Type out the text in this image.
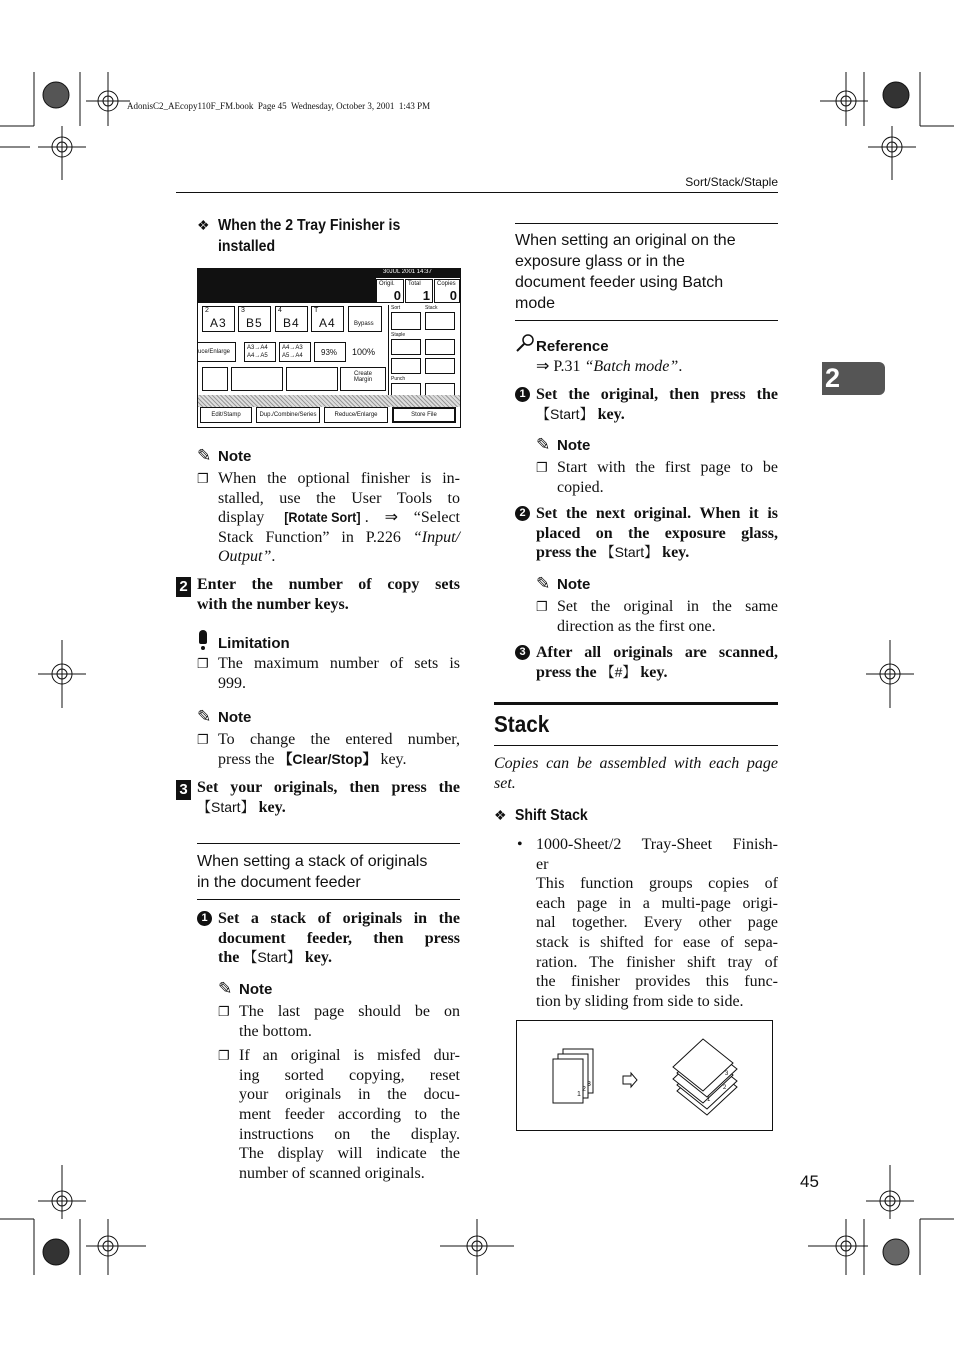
AdonisC2_AEcopy110F_FM.book  Page 45  Wednesday, October 3, 2001  1:43 PM
Sort/Stack/Staple
2
❖ When the 2 Tray Finisher is
installed
30JUL 2001 14:37
Origil.
0
Total
1
Copies
0
2
A3
3
B5
4
B4
T
A4	Bypass
uce/Enlarge
A3→A4
A4→A5
A4→A3
A5→A4 93% 100%
Create
Margin
Sort	Stack
Staple
Punch
Edit/Stamp	Dup./Combine/Series	Reduce/Enlarge	Store File
✎ Note
❐ When the optional finisher is in-
stalled, use the User Tools to
display [Rotate Sort] . ⇒ “Select
Stack Function” in P.226 “Input/
Output”.
2 Enter the number of copy sets
with the number keys.
Limitation
❐ The maximum number of sets is
999.
✎ Note
❐ To change the entered number,
press the 【Clear/Stop】 key.
3 Set your originals, then press the
【Start】 key.
When setting a stack of originals
in the document feeder
1 Set a stack of originals in the
document feeder, then press
the 【Start】 key.
✎ Note
❐ The last page should be on
the bottom.
❐ If an original is misfed dur-
ing sorted copying, reset
your originals in the docu-
ment feeder according to the
instructions on the display.
The display will indicate the
number of scanned originals.
When setting an original on the
exposure glass or in the
document feeder using Batch
mode
Reference
⇒ P.31 “Batch mode”.
1 Set the original, then press the
【Start】 key.
✎ Note
❐ Start with the first page to be
copied.
2 Set the next original. When it is
placed on the exposure glass,
press the 【Start】 key.
✎ Note
❐ Set the original in the same
direction as the first one.
3 After all originals are scanned,
press the 【#】 key.
Stack
Copies can be assembled with each page
set.
❖ Shift Stack
• 1000-Sheet/2 Tray-Sheet Finish-
er
This function groups copies of
each page in a multi-page origi-
nal together. Every other page
stack is shifted for ease of sepa-
ration. The finisher shift tray of
the finisher provides this func-
tion by sliding from side to side.
1
2
3
1
2
3
45
